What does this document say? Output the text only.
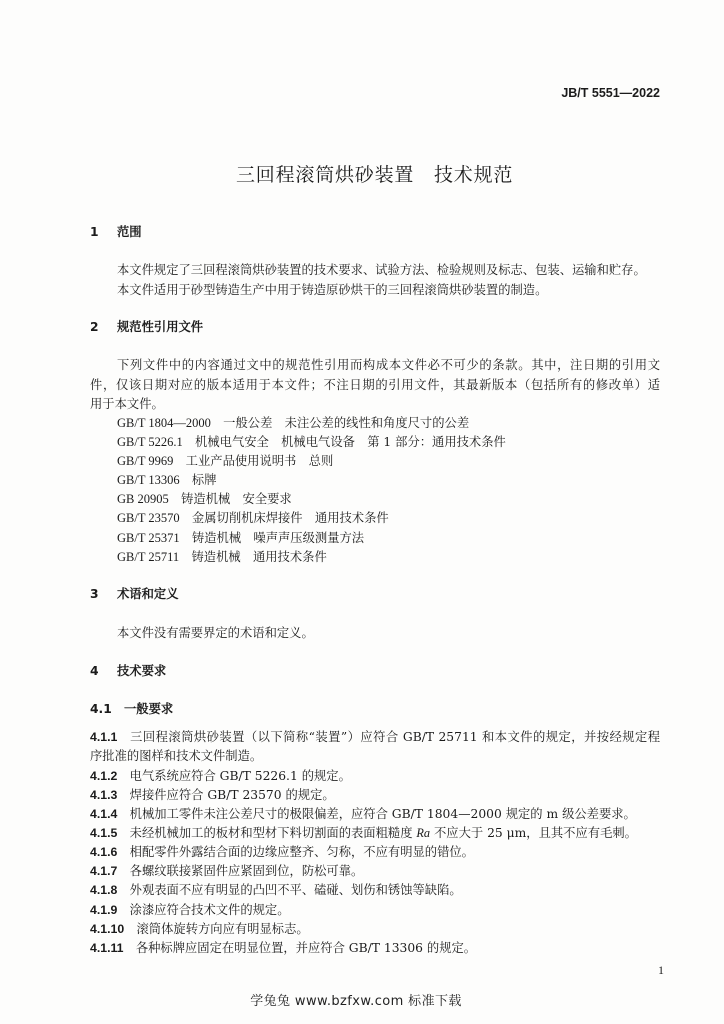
JB/T 5551—2022
三回程滚筒烘砂装置　技术规范
1 范围
本文件规定了三回程滚筒烘砂装置的技术要求、试验方法、检验规则及标志、包装、运输和贮存。
本文件适用于砂型铸造生产中用于铸造原砂烘干的三回程滚筒烘砂装置的制造。
2 规范性引用文件
下列文件中的内容通过文中的规范性引用而构成本文件必不可少的条款。其中，注日期的引用文
件，仅该日期对应的版本适用于本文件；不注日期的引用文件，其最新版本（包括所有的修改单）适
用于本文件。
GB/T 1804—2000 一般公差　未注公差的线性和角度尺寸的公差
GB/T 5226.1 机械电气安全　机械电气设备　第 1 部分：通用技术条件
GB/T 9969 工业产品使用说明书　总则
GB/T 13306 标牌
GB 20905 铸造机械　安全要求
GB/T 23570 金属切削机床焊接件　通用技术条件
GB/T 25371 铸造机械　噪声声压级测量方法
GB/T 25711 铸造机械　通用技术条件
3 术语和定义
本文件没有需要界定的术语和定义。
4 技术要求
4.1 一般要求
4.1.1 三回程滚筒烘砂装置（以下简称“装置”）应符合 GB/T 25711 和本文件的规定，并按经规定程
序批准的图样和技术文件制造。
4.1.2 电气系统应符合 GB/T 5226.1 的规定。
4.1.3 焊接件应符合 GB/T 23570 的规定。
4.1.4 机械加工零件未注公差尺寸的极限偏差，应符合 GB/T 1804—2000 规定的 m 级公差要求。
4.1.5 未经机械加工的板材和型材下料切割面的表面粗糙度 Ra 不应大于 25 μm，且其不应有毛刺。
4.1.6 相配零件外露结合面的边缘应整齐、匀称，不应有明显的错位。
4.1.7 各螺纹联接紧固件应紧固到位，防松可靠。
4.1.8 外观表面不应有明显的凸凹不平、磕碰、划伤和锈蚀等缺陷。
4.1.9 涂漆应符合技术文件的规定。
4.1.10 滚筒体旋转方向应有明显标志。
4.1.11 各种标牌应固定在明显位置，并应符合 GB/T 13306 的规定。
1
学兔兔 www.bzfxw.com 标准下载
